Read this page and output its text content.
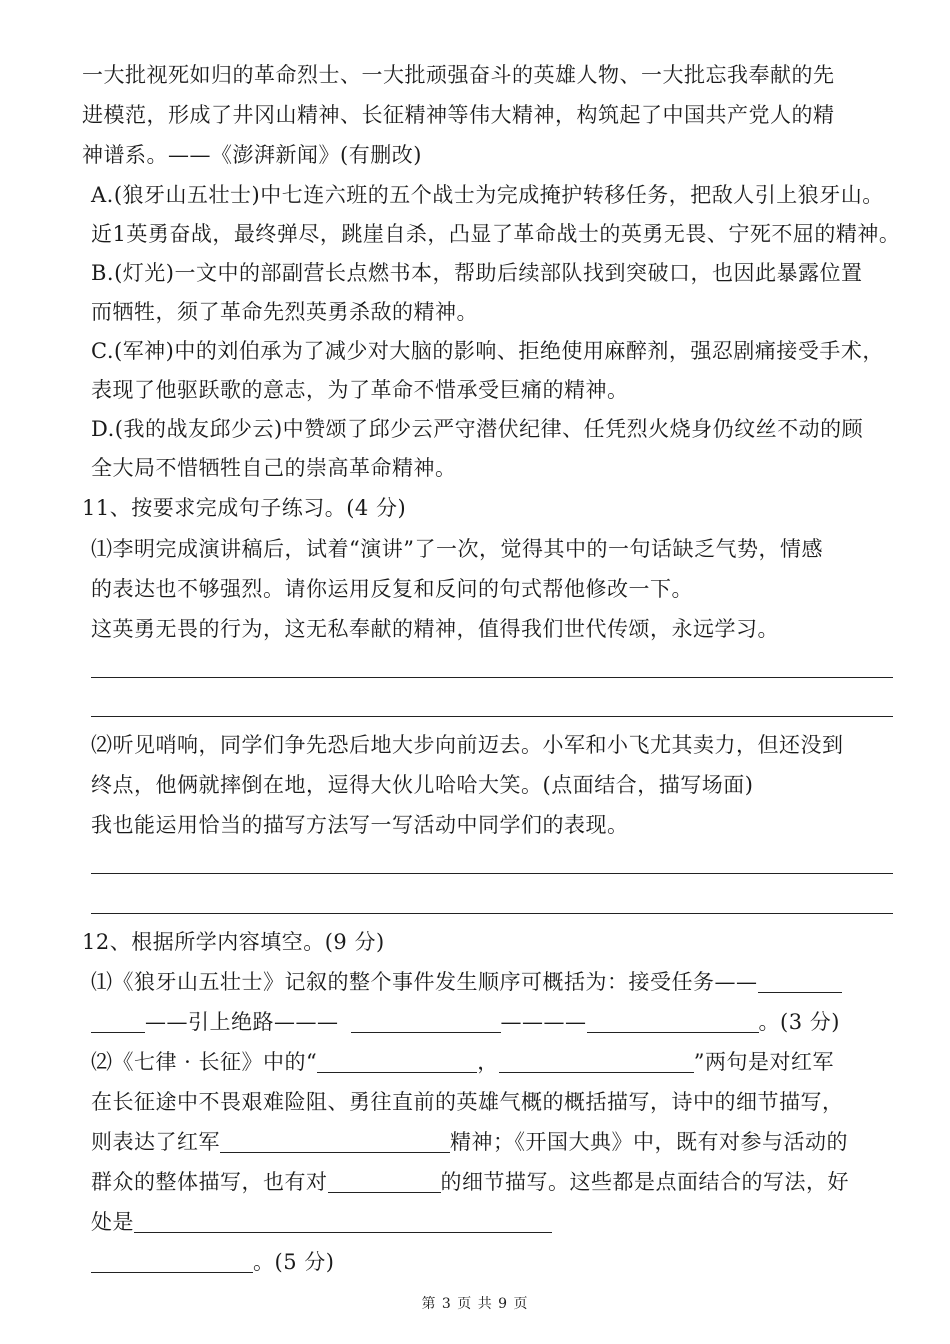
一大批视死如归的革命烈士、一大批顽强奋斗的英雄人物、一大批忘我奉献的先
进模范，形成了井冈山精神、长征精神等伟大精神，构筑起了中国共产党人的精
神谱系。——《澎湃新闻》(有删改)
A.(狼牙山五壮士)中七连六班的五个战士为完成掩护转移任务，把敌人引上狼牙山。
近1英勇奋战，最终弹尽，跳崖自杀，凸显了革命战士的英勇无畏、宁死不屈的精神。
B.(灯光)一文中的部副营长点燃书本，帮助后续部队找到突破口，也因此暴露位置
而牺牲，须了革命先烈英勇杀敌的精神。
C.(军神)中的刘伯承为了减少对大脑的影响、拒绝使用麻醉剂，强忍剧痛接受手术，
表现了他驱跃歌的意志，为了革命不惜承受巨痛的精神。
D.(我的战友邱少云)中赞颂了邱少云严守潜伏纪律、任凭烈火烧身仍纹丝不动的顾
全大局不惜牺牲自己的崇高革命精神。
11、按要求完成句子练习。(4 分)
⑴李明完成演讲稿后，试着“演讲”了一次，觉得其中的一句话缺乏气势，情感
的表达也不够强烈。请你运用反复和反问的句式帮他修改一下。
这英勇无畏的行为，这无私奉献的精神，值得我们世代传颂，永远学习。
⑵听见哨响，同学们争先恐后地大步向前迈去。小军和小飞尤其卖力，但还没到
终点，他俩就摔倒在地，逗得大伙儿哈哈大笑。(点面结合，描写场面)
我也能运用恰当的描写方法写一写活动中同学们的表现。
12、根据所学内容填空。(9 分)
⑴《狼牙山五壮士》记叙的整个事件发生顺序可概括为：接受任务——
——引上绝路———	————	。(3 分)
⑵《七律 · 长征》中的“	，	”两句是对红军
在长征途中不畏艰难险阻、勇往直前的英雄气概的概括描写，诗中的细节描写，
则表达了红军	精神；《开国大典》中，既有对参与活动的
群众的整体描写，也有对	的细节描写。这些都是点面结合的写法，好
处是
。(5 分)
第 3 页 共 9 页
